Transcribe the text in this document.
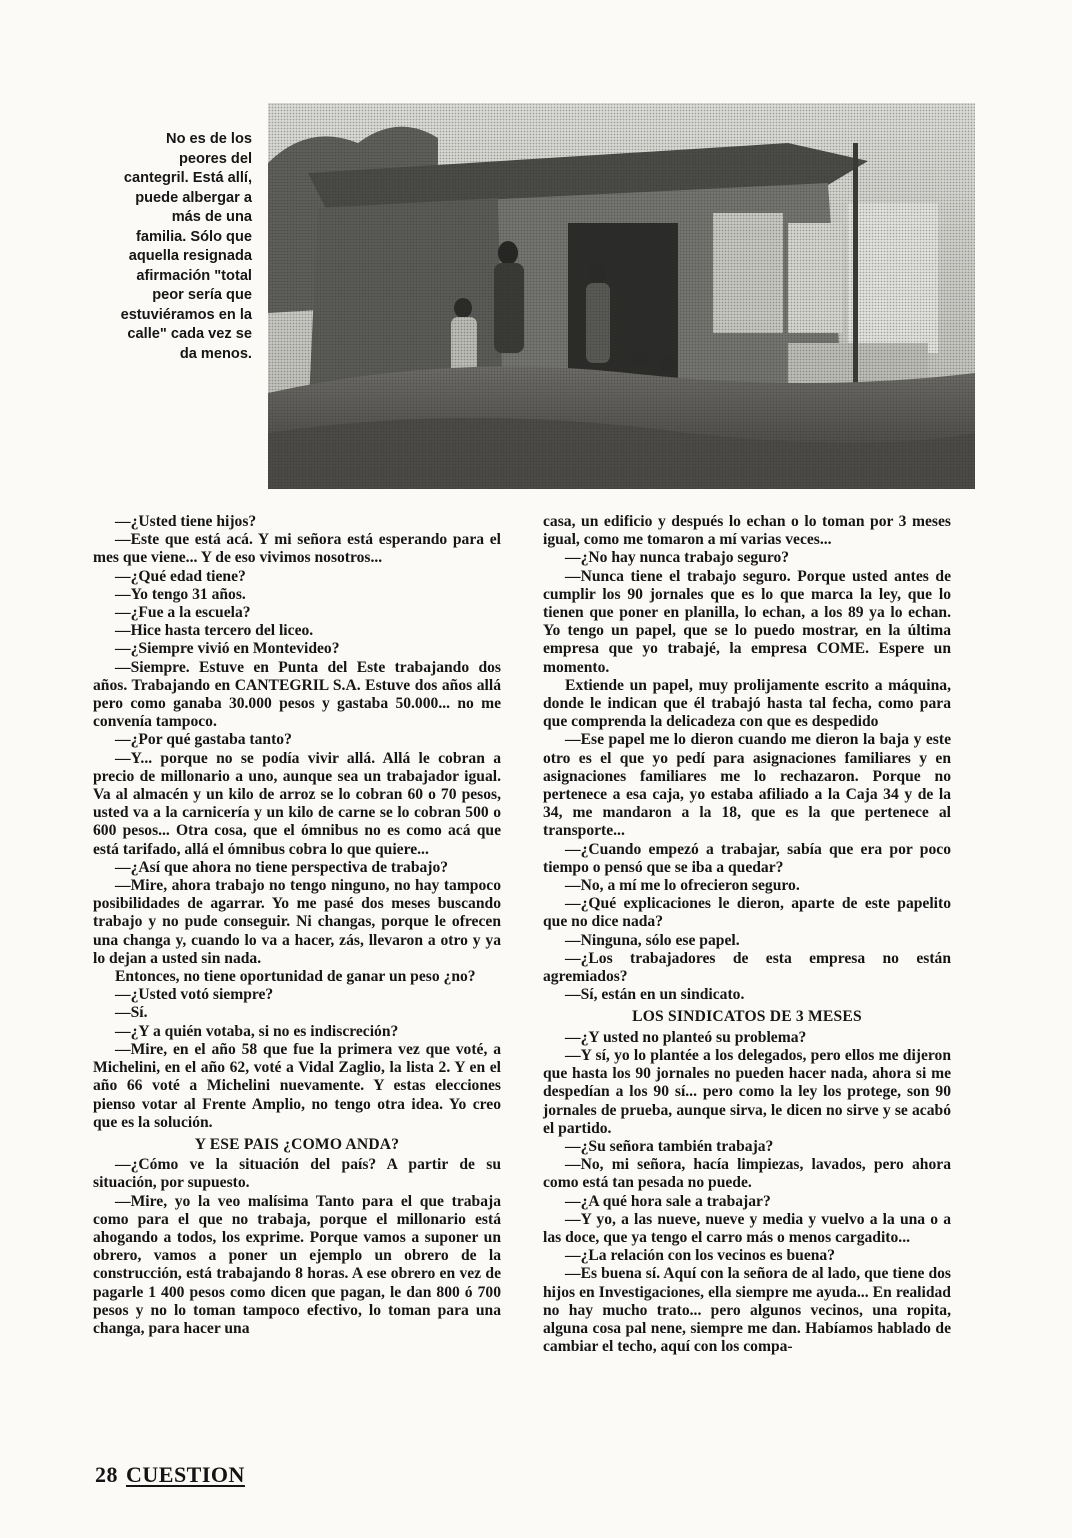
No es de los peores del cantegril. Está allí, puede albergar a más de una familia. Sólo que aquella resignada afirmación "total peor sería que estuviéramos en la calle" cada vez se da menos.

—¿Usted tiene hijos?

—Este que está acá. Y mi señora está esperando para el mes que viene... Y de eso vivimos nosotros...

—¿Qué edad tiene?

—Yo tengo 31 años.

—¿Fue a la escuela?

—Hice hasta tercero del liceo.

—¿Siempre vivió en Montevideo?

—Siempre. Estuve en Punta del Este trabajando dos años. Trabajando en CANTEGRIL S.A. Estuve dos años allá pero como ganaba 30.000 pesos y gastaba 50.000... no me convenía tampoco.

—¿Por qué gastaba tanto?

—Y... porque no se podía vivir allá. Allá le cobran a precio de millonario a uno, aunque sea un trabajador igual. Va al almacén y un kilo de arroz se lo cobran 60 o 70 pesos, usted va a la carnicería y un kilo de carne se lo cobran 500 o 600 pesos... Otra cosa, que el ómnibus no es como acá que está tarifado, allá el ómnibus cobra lo que quiere...

—¿Así que ahora no tiene perspectiva de trabajo?

—Mire, ahora trabajo no tengo ninguno, no hay tampoco posibilidades de agarrar. Yo me pasé dos meses buscando trabajo y no pude conseguir. Ni changas, porque le ofrecen una changa y, cuando lo va a hacer, zás, llevaron a otro y ya lo dejan a usted sin nada.

Entonces, no tiene oportunidad de ganar un peso ¿no?

—¿Usted votó siempre?

—Sí.

—¿Y a quién votaba, si no es indiscreción?

—Mire, en el año 58 que fue la primera vez que voté, a Michelini, en el año 62, voté a Vidal Zaglio, la lista 2. Y en el año 66 voté a Michelini nuevamente. Y estas elecciones pienso votar al Frente Amplio, no tengo otra idea. Yo creo que es la solución.

Y ESE PAIS ¿COMO ANDA?

—¿Cómo ve la situación del país? A partir de su situación, por supuesto.

—Mire, yo la veo malísima Tanto para el que trabaja como para el que no trabaja, porque el millonario está ahogando a todos, los exprime. Porque vamos a suponer un obrero, vamos a poner un ejemplo un obrero de la construcción, está trabajando 8 horas. A ese obrero en vez de pagarle 1 400 pesos como dicen que pagan, le dan 800 ó 700 pesos y no lo toman tampoco efectivo, lo toman para una changa, para hacer una

casa, un edificio y después lo echan o lo toman por 3 meses igual, como me tomaron a mí varias veces...

—¿No hay nunca trabajo seguro?

—Nunca tiene el trabajo seguro. Porque usted antes de cumplir los 90 jornales que es lo que marca la ley, que lo tienen que poner en planilla, lo echan, a los 89 ya lo echan. Yo tengo un papel, que se lo puedo mostrar, en la última empresa que yo trabajé, la empresa COME. Espere un momento.

Extiende un papel, muy prolijamente escrito a máquina, donde le indican que él trabajó hasta tal fecha, como para que comprenda la delicadeza con que es despedido

—Ese papel me lo dieron cuando me dieron la baja y este otro es el que yo pedí para asignaciones familiares y en asignaciones familiares me lo rechazaron. Porque no pertenece a esa caja, yo estaba afiliado a la Caja 34 y de la 34, me mandaron a la 18, que es la que pertenece al transporte...

—¿Cuando empezó a trabajar, sabía que era por poco tiempo o pensó que se iba a quedar?

—No, a mí me lo ofrecieron seguro.

—¿Qué explicaciones le dieron, aparte de este papelito que no dice nada?

—Ninguna, sólo ese papel.

—¿Los trabajadores de esta empresa no están agremiados?

—Sí, están en un sindicato.

LOS SINDICATOS DE 3 MESES

—¿Y usted no planteó su problema?

—Y sí, yo lo plantée a los delegados, pero ellos me dijeron que hasta los 90 jornales no pueden hacer nada, ahora si me despedían a los 90 sí... pero como la ley los protege, son 90 jornales de prueba, aunque sirva, le dicen no sirve y se acabó el partido.

—¿Su señora también trabaja?

—No, mi señora, hacía limpiezas, lavados, pero ahora como está tan pesada no puede.

—¿A qué hora sale a trabajar?

—Y yo, a las nueve, nueve y media y vuelvo a la una o a las doce, que ya tengo el carro más o menos cargadito...

—¿La relación con los vecinos es buena?

—Es buena sí. Aquí con la señora de al lado, que tiene dos hijos en Investigaciones, ella siempre me ayuda... En realidad no hay mucho trato... pero algunos vecinos, una ropita, alguna cosa pal nene, siempre me dan. Habíamos hablado de cambiar el techo, aquí con los compa-

28 CUESTION
